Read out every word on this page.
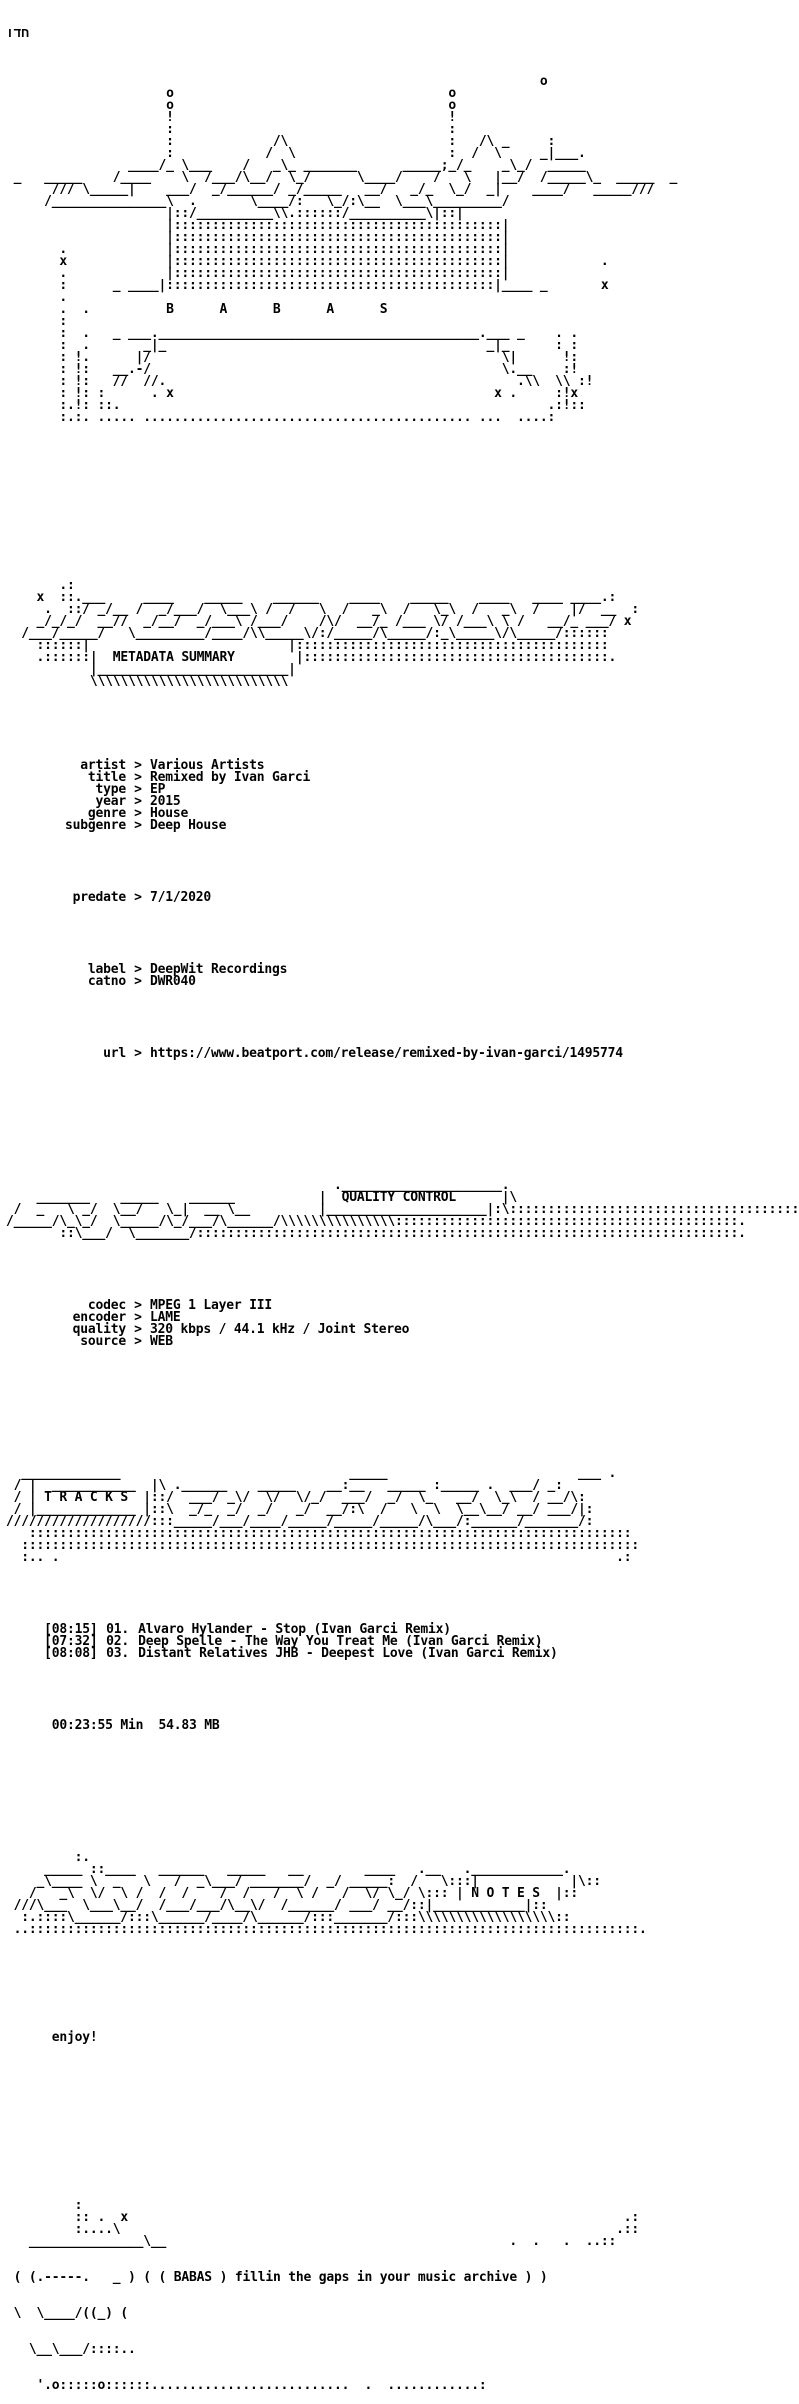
חדו

o
o                                    o
o                                    o
!                                    !
:                                    :
:             /\                     :   /\ _     :
:            /  \                    :  /  \     _|___.
____/_ \___    /   _\_ _______      _____;_/_    _\_/  _____
_   _____    /____    \  /___/\__/  \_/      \____/    /   \   |__/  /_____\_  _____  _
/// \_____|    ___/  _/______/ _/_____   __/   _/_  \_/  _|    ____/   _____///
/_______________\  .       \____/:   \_/:\__  \___\_________/
|::/__________\\.::::::/__________\|::|
|:::::::::::::::::::::::::::::::::::::::::::|
|:::::::::::::::::::::::::::::::::::::::::::|
.             |:::::::::::::::::::::::::::::::::::::::::::|
x             |:::::::::::::::::::::::::::::::::::::::::::|            .
.             |:::::::::::::::::::::::::::::::::::::::::::|
:      _ ____|:::::::::::::::::::::::::::::::::::::::::::|____ _       x
.
.  .          B      A      B      A      S
:
:  .   _ ___.__________________________________________.___ _    . .
:  .       _|_                                          _|_      : :
: !.      |/                                              \|      !:
: !:   __.-/                                              \.__    :!
: !:   //  //.                                              .\\  \\ :!
: !: :      . x                                          x .     :!x
:.!: ::.                                                        .:!::
:.:. ..... ........................................... ...  ....:

.:
x  ::.___     ____    _____    ______    ____    _____    ____   ____ ____.:
.  ::/ _/__ /  _/___/  \___\ /  /   \  /   _\  /   \_\  /   _\  /    |/  __  :
_/_/_/  __//  _/__/  _/___\ /___/    /\/  __/_ /___ \/ /___\ \ /   __/_ ___/ x
/___/_____/   \_________/____/\\_____\/:/_____/\_____/:_\_____\/\_____/::::::
::::::|                          |:::::::::::::::::::::::::::::::::::::::::
.::::::|  METADATA SUMMARY        |::::::::::::::::::::::::::::::::::::::::.
|_________________________|
\\\\\\\\\\\\\\\\\\\\\\\\\\

artist > Various Artists
title > Remixed by Ivan Garci
type > EP
year > 2015
genre > House
subgenre > Deep House

predate > 7/1/2020

label > DeepWit Recordings
catno > DWR040

url > https://www.beatport.com/release/remixed-by-ivan-garci/1495774

._____________________.
_______    _____    ______           |  QUALITY CONTROL      |\
/  _   \ _/  \__/   \_|  __ \__         |_____________________|:\::::::::::::::::::::::::::::::::::::::
/_____/\_\_/  \_____/\_/___/\______/\\\\\\\\\\\\\\\:::::::::::::::::::::::::::::::::::::::::::::.
::\___/  \_______/:::::::::::::::::::::::::::::::::::::::::::::::::::::::::::::::::::::::.

codec > MPEG 1 Layer III
encoder > LAME
quality > 320 kbps / 44.1 kHz / Joint Stereo
source > WEB

_____________                              _____                         ___ .
/ |  ___________  |\ .______    _____    __:__   _____ :_____ .  ___/ _:
/ | T R A C K S  |::/  ___/ _\/  \/  \/_/  ___/  _/  \_   __/  \_\  / __/\:
/ |_____________ |::\  _/_  _/  _/   _/  __/:\  /   \  \  \__\__/ __/ ___/|:
///////////////////:::_____/___/____/_____/_____/_____/\___/:______/_______/:
:::::::::::::::::::::::::::::::::::::::::::::::::::::::::::::::::::::::::::::::
:::::::::::::::::::::::::::::::::::::::::::::::::::::::::::::::::::::::::::::::::
:.. .                                                                         .:

[08:15] 01. Alvaro Hylander - Stop (Ivan Garci Remix)
[07:32] 02. Deep Spelle - The Way You Treat Me (Ivan Garci Remix)
[08:08] 03. Distant Relatives JHB - Deepest Love (Ivan Garci Remix)

00:23:55 Min  54.83 MB

:.
_____ ::____   ______   _____   __        ____   .__   .____________.
_\____ \  _   \   /  _\___/ _______/  _/ _____:  /   \:::|            |\::
/   _\  \/  \ /  /  /    /  /   /  \ /   /  \/ \_/ \::: | N O T E S  |::
///\___  \___\__/  /___/___/\__\/  /______/ ___/ __/::|____________|::
:.::::\______/:::\______/____/\______/:::_______/:::\\\\\\\\\\\\\\\\\\::
..::::::::::::::::::::::::::::::::::::::::::::::::::::::::::::::::::::::::::::::::.

enjoy!

:
:: .  x                                                                 .:
:....\                                                                 .::
_______________\__                                             .  .   .  ..::

( (.-----.   _ ) ( ( BABAS ) fillin the gaps in your music archive ) )

\  \____/((_) (

\__\___/::::..

'.o:::::o::::::..........................  .  ............:
